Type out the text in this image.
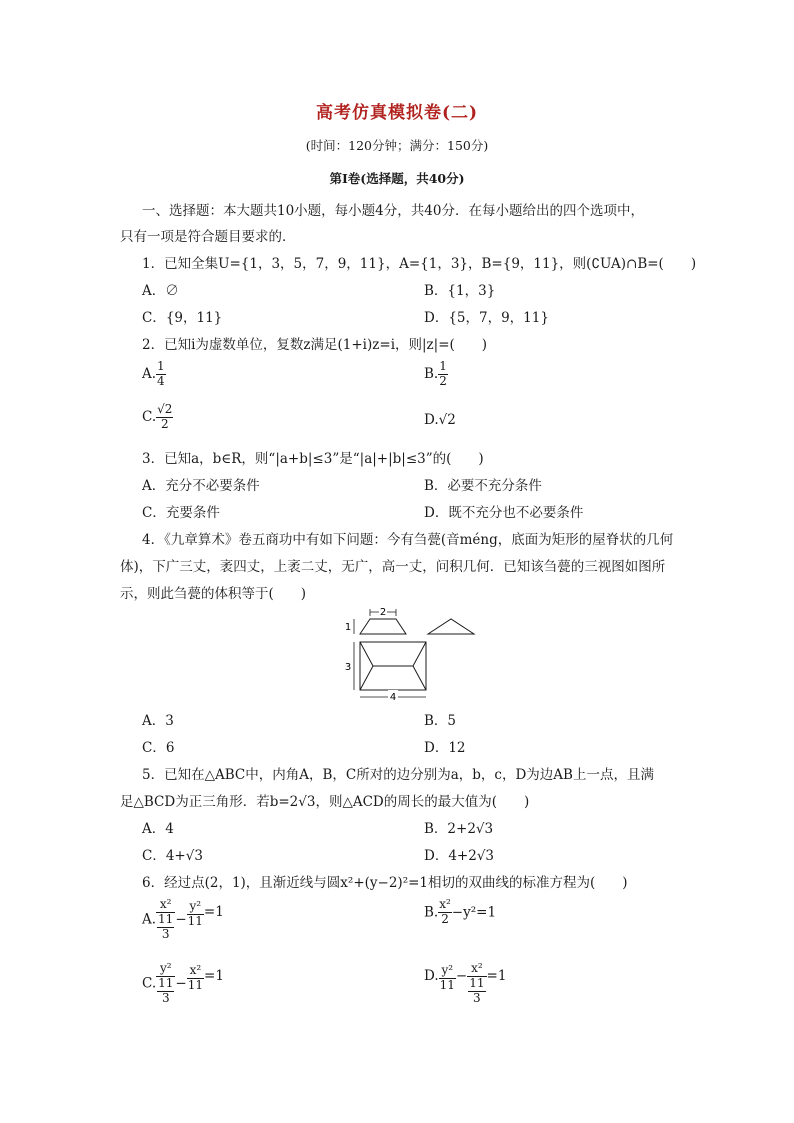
高考仿真模拟卷(二)
(时间：120分钟；满分：150分)
第Ⅰ卷(选择题，共40分)
一、选择题：本大题共10小题，每小题4分，共40分．在每小题给出的四个选项中，
只有一项是符合题目要求的．
1．已知全集U={1，3，5，7，9，11}，A={1，3}，B={9，11}，则(∁UA)∩B=(　　)
A．∅	B．{1，3}
C．{9，11}	D．{5，7，9，11}
2．已知i为虚数单位，复数z满足(1+i)z=i，则|z|=(　　)
A. $\frac{1}{4}$	B. $\frac{1}{2}$
C. $\frac{√2}{2}$	D.√2
3．已知a，b∈R，则“|a+b|≤3”是“|a|+|b|≤3”的(　　)
A．充分不必要条件	B．必要不充分条件
C．充要条件	D．既不充分也不必要条件
4．《九章算术》卷五商功中有如下问题：今有刍甍(音méng，底面为矩形的屋脊状的几何
体)，下广三丈，袤四丈，上袤二丈，无广，高一丈，问积几何．已知该刍甍的三视图如图所
示，则此刍甍的体积等于(　　)
2
1
3
4
A．3	B．5
C．6	D．12
5．已知在△ABC中，内角A，B，C所对的边分别为a，b，c，D为边AB上一点，且满
足△BCD为正三角形．若b=2√3，则△ACD的周长的最大值为(　　)
A．4	B．2+2√3
C．4+√3	D．4+2√3
6．经过点(2，1)，且渐近线与圆x²+(y−2)²=1相切的双曲线的标准方程为(　　)
A. $\frac{\text{x²}}{\frac{11}{3}} - \frac{\text{y²}}{11} =1$	B. $\frac{\text{x²}}{2} -y^2=1$
C. $\frac{\text{y²}}{\frac{11}{3}} - \frac{\text{x²}}{11} =1$	D. $\frac{\text{y²}}{11} - \frac{\text{x²}}{\frac{11}{3}} =1$
